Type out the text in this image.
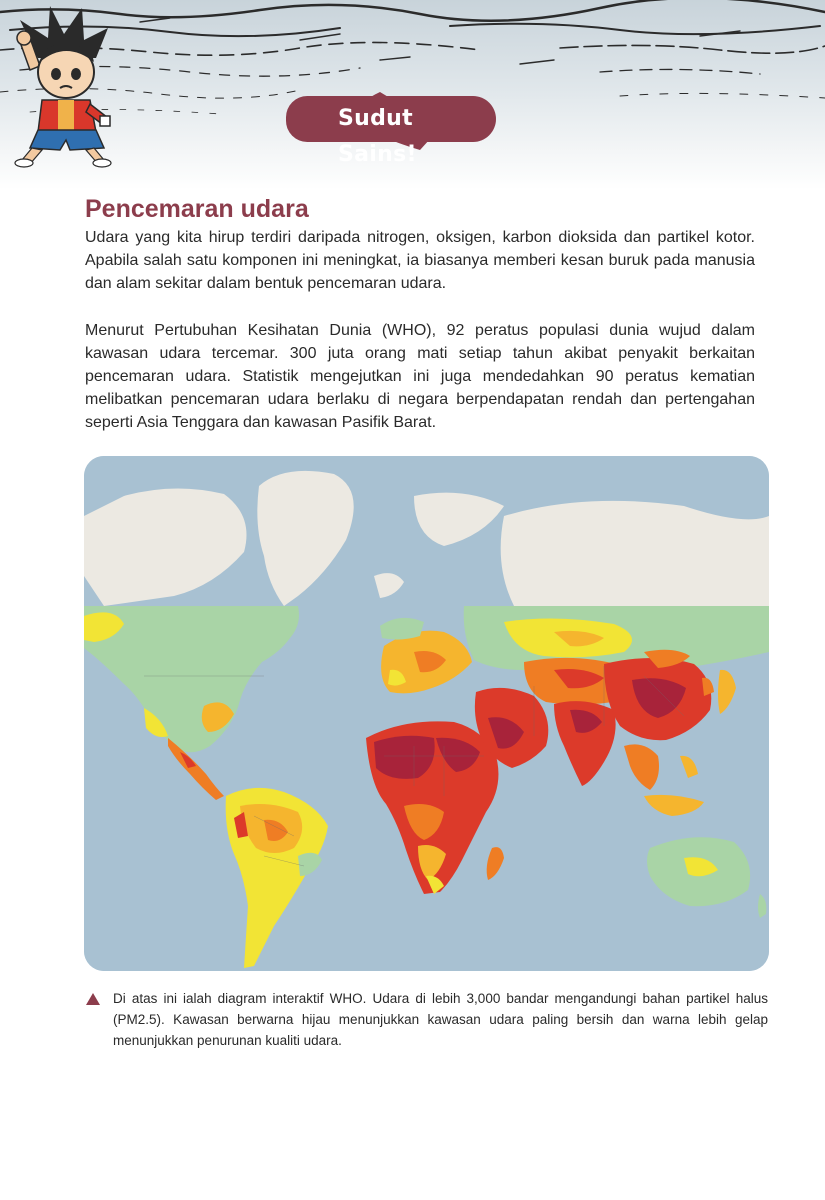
Sudut Sains!
Pencemaran udara

Udara yang kita hirup terdiri daripada nitrogen, oksigen, karbon dioksida dan partikel kotor. Apabila salah satu komponen ini meningkat, ia biasanya memberi kesan buruk pada manusia dan alam sekitar dalam bentuk pencemaran udara.

Menurut Pertubuhan Kesihatan Dunia (WHO), 92 peratus populasi dunia wujud dalam kawasan udara tercemar. 300 juta orang mati setiap tahun akibat penyakit berkaitan pencemaran udara. Statistik mengejutkan ini juga mendedahkan 90 peratus kematian melibatkan pencemaran udara berlaku di negara berpendapatan rendah dan pertengahan seperti Asia Tenggara dan kawasan Pasifik Barat.

Di atas ini ialah diagram interaktif WHO. Udara di lebih 3,000 bandar mengandungi bahan partikel halus (PM2.5). Kawasan berwarna hijau menunjukkan kawasan udara paling bersih dan warna lebih gelap menunjukkan penurunan kualiti udara.
